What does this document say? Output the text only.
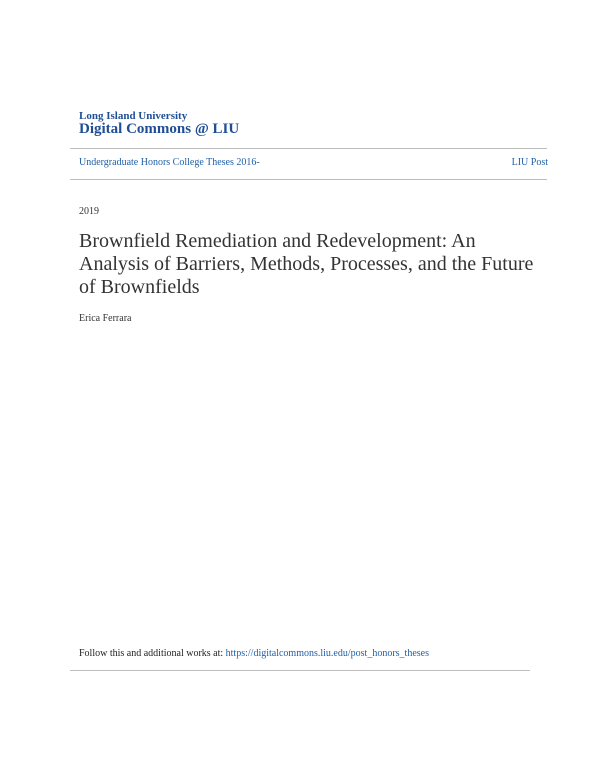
Long Island University
Digital Commons @ LIU
Undergraduate Honors College Theses 2016-	LIU Post
2019
Brownfield Remediation and Redevelopment: An Analysis of Barriers, Methods, Processes, and the Future of Brownfields
Erica Ferrara
Follow this and additional works at: https://digitalcommons.liu.edu/post_honors_theses
